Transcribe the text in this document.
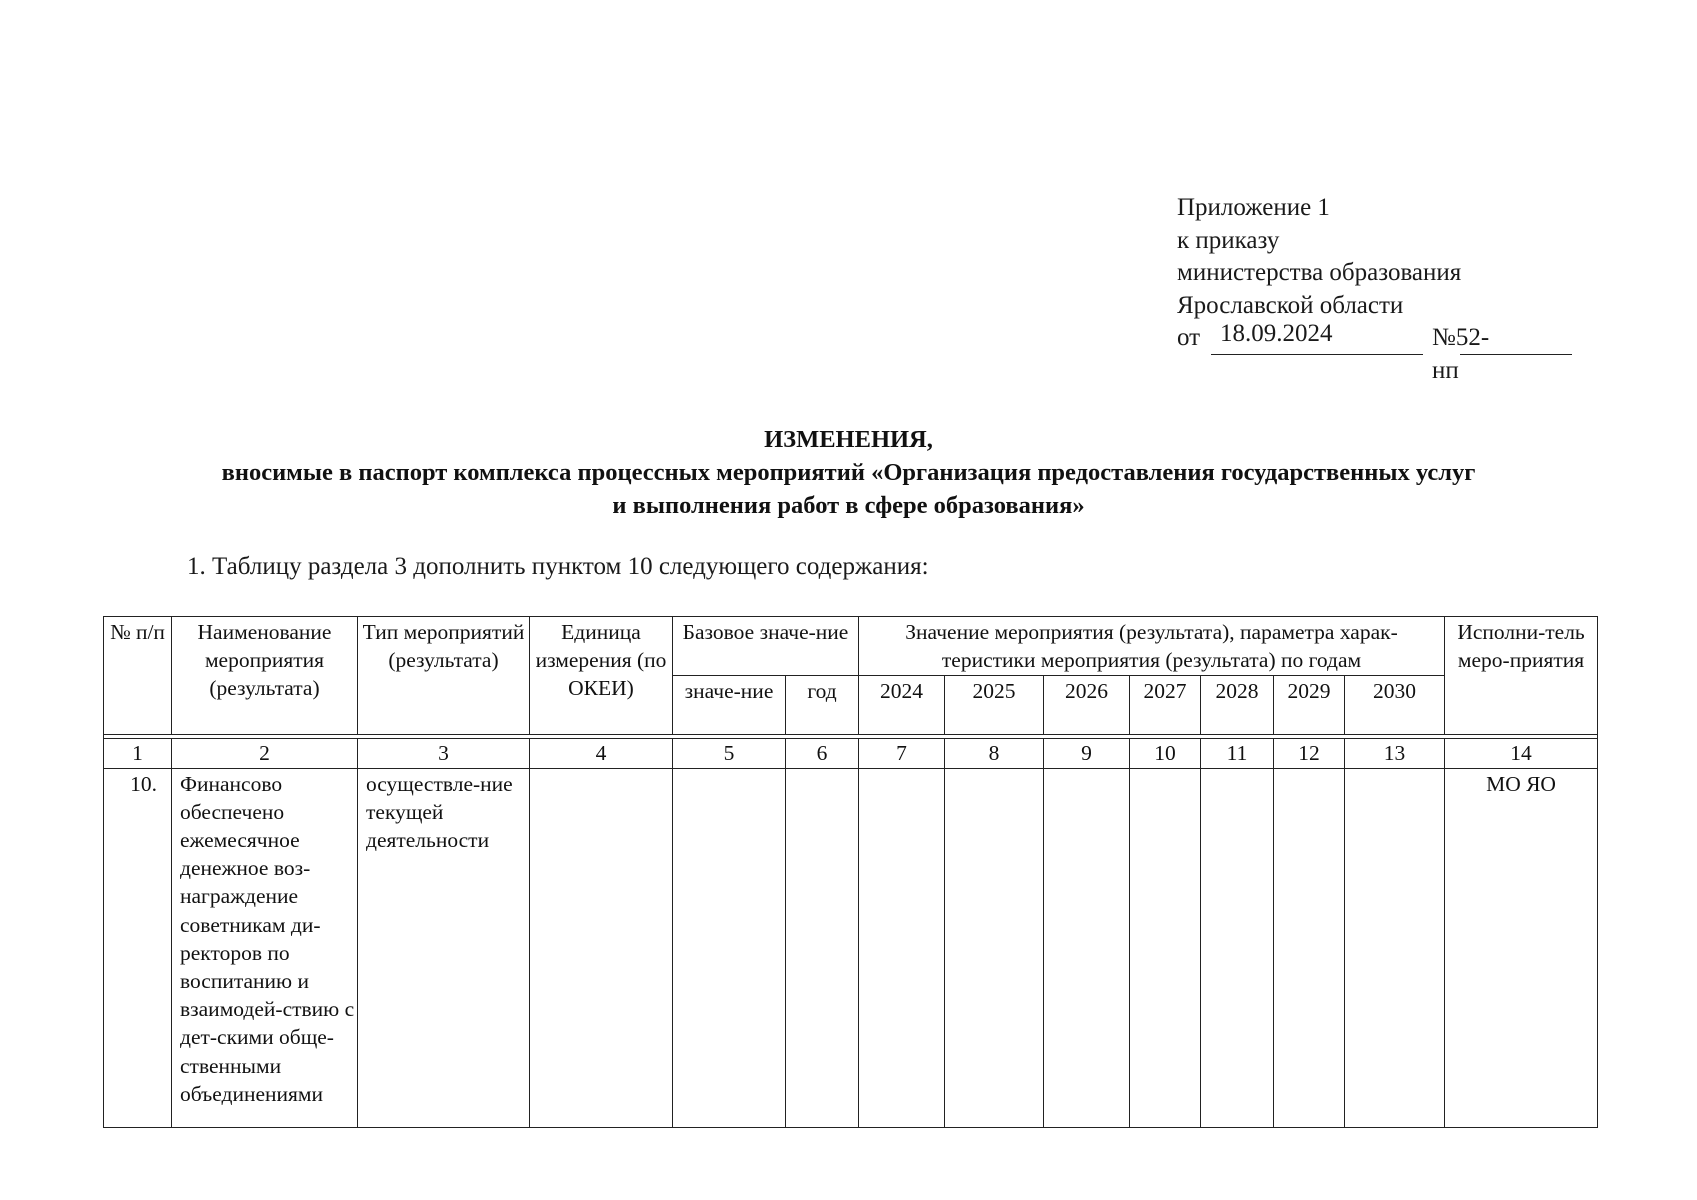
Приложение 1
к приказу
министерства образования
Ярославской области
от 18.09.2024	№52-нп
ИЗМЕНЕНИЯ,
вносимые в паспорт комплекса процессных мероприятий «Организация предоставления государственных услуг
и выполнения работ в сфере образования»
1. Таблицу раздела 3 дополнить пунктом 10 следующего содержания:
№ п/п	Наименование мероприятия (результата)	Тип мероприятий (результата)	Единица измерения (по ОКЕИ)	Базовое значе-ние		Значение мероприятия (результата), параметра харак-теристики мероприятия (результата) по годам							Исполни-тель меро-приятия
				значе-ние	год	2024	2025	2026	2027	2028	2029	2030	

1	2	3	4	5	6	7	8	9	10	11	12	13	14
10.	Финансово обеспечено ежемесячное денежное воз-награждение советникам ди-ректоров по воспитанию и взаимодей-ствию с дет-скими обще-ственными объединениями	осуществле-ние текущей деятельности											МО ЯО
